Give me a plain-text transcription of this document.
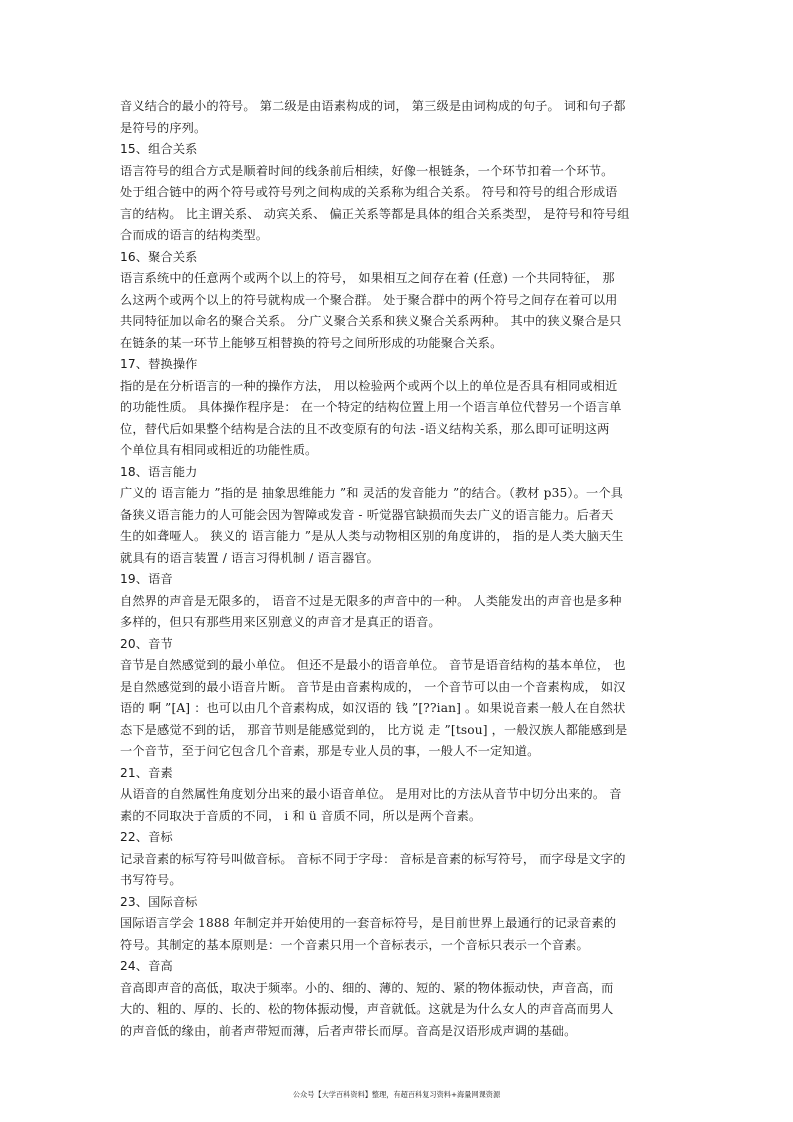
音义结合的最小的符号。 第二级是由语素构成的词， 第三级是由词构成的句子。 词和句子都
是符号的序列。
15、组合关系
语言符号的组合方式是顺着时间的线条前后相续，好像一根链条，一个环节扣着一个环节。
处于组合链中的两个符号或符号列之间构成的关系称为组合关系。 符号和符号的组合形成语
言的结构。 比主谓关系、 动宾关系、 偏正关系等都是具体的组合关系类型， 是符号和符号组
合而成的语言的结构类型。
16、聚合关系
语言系统中的任意两个或两个以上的符号， 如果相互之间存在着 (任意) 一个共同特征， 那
么这两个或两个以上的符号就构成一个聚合群。 处于聚合群中的两个符号之间存在着可以用
共同特征加以命名的聚合关系。 分广义聚合关系和狭义聚合关系两种。 其中的狭义聚合是只
在链条的某一环节上能够互相替换的符号之间所形成的功能聚合关系。
17、替换操作
指的是在分析语言的一种的操作方法， 用以检验两个或两个以上的单位是否具有相同或相近
的功能性质。 具体操作程序是： 在一个特定的结构位置上用一个语言单位代替另一个语言单
位，替代后如果整个结构是合法的且不改变原有的句法 -语义结构关系，那么即可证明这两
个单位具有相同或相近的功能性质。
18、语言能力
广义的 语言能力 ”指的是 抽象思维能力 ”和 灵活的发音能力 ”的结合。（教材 p35）。一个具
备狭义语言能力的人可能会因为智障或发音 - 听觉器官缺损而失去广义的语言能力。后者天
生的如聋哑人。 狭义的 语言能力 ”是从人类与动物相区别的角度讲的， 指的是人类大脑天生
就具有的语言装置 / 语言习得机制 / 语言器官。
19、语音
自然界的声音是无限多的， 语音不过是无限多的声音中的一种。 人类能发出的声音也是多种
多样的，但只有那些用来区别意义的声音才是真正的语音。
20、音节
音节是自然感觉到的最小单位。 但还不是最小的语音单位。 音节是语音结构的基本单位， 也
是自然感觉到的最小语音片断。 音节是由音素构成的， 一个音节可以由一个音素构成， 如汉
语的 啊 ”[A] ：也可以由几个音素构成，如汉语的 钱 ”[??ian] 。如果说音素一般人在自然状
态下是感觉不到的话， 那音节则是能感觉到的， 比方说 走 ”[tsou] ，一般汉族人都能感到是
一个音节，至于问它包含几个音素，那是专业人员的事，一般人不一定知道。
21、音素
从语音的自然属性角度划分出来的最小语音单位。 是用对比的方法从音节中切分出来的。 音
素的不同取决于音质的不同， i 和 ü 音质不同，所以是两个音素。
22、音标
记录音素的标写符号叫做音标。 音标不同于字母： 音标是音素的标写符号， 而字母是文字的
书写符号。
23、国际音标
国际语言学会 1888 年制定并开始使用的一套音标符号，是目前世界上最通行的记录音素的
符号。其制定的基本原则是：一个音素只用一个音标表示，一个音标只表示一个音素。
24、音高
音高即声音的高低，取决于频率。小的、细的、薄的、短的、紧的物体振动快，声音高，而
大的、粗的、厚的、长的、松的物体振动慢，声音就低。这就是为什么女人的声音高而男人
的声音低的缘由，前者声带短而薄，后者声带长而厚。音高是汉语形成声调的基础。
公众号【大学百科资料】整理，有超百科复习资料+海量网课资源
